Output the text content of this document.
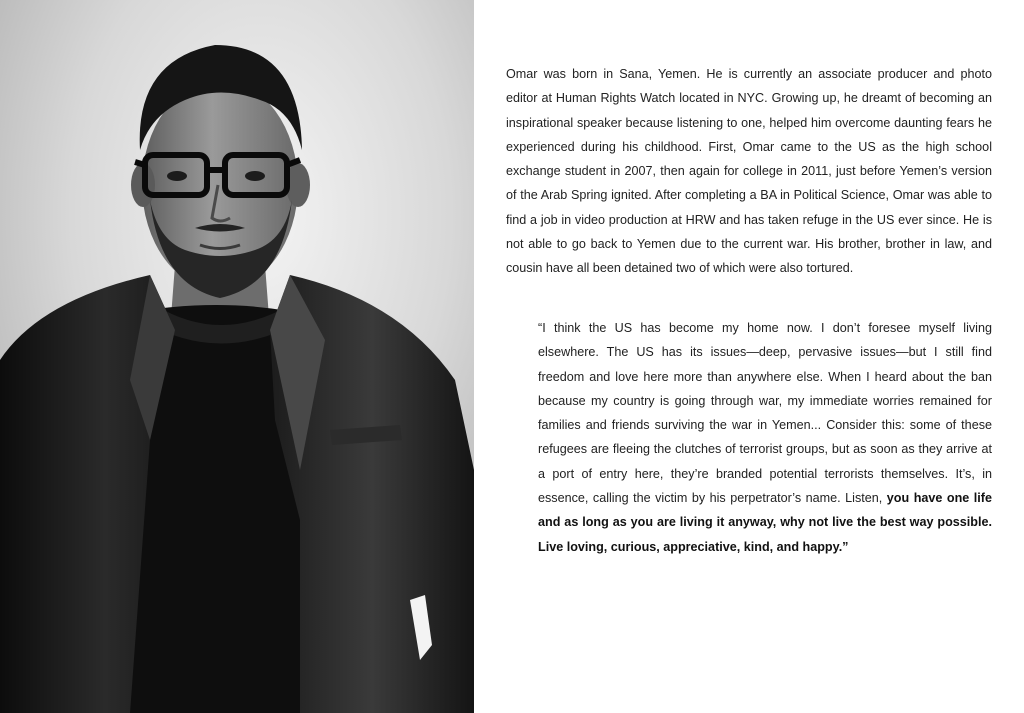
Omar was born in Sana, Yemen. He is currently an associate producer and photo editor at Human Rights Watch located in NYC. Growing up, he dreamt of becoming an inspirational speaker because listening to one, helped him overcome daunting fears he experienced during his childhood. First, Omar came to the US as the high school exchange student in 2007, then again for college in 2011, just before Yemen’s version of the Arab Spring ignited. After completing a BA in Political Science, Omar was able to find a job in video production at HRW and has taken refuge in the US ever since. He is not able to go back to Yemen due to the current war. His brother, brother in law, and cousin have all been detained two of which were also tortured.

“I think the US has become my home now. I don’t foresee myself living elsewhere. The US has its issues—deep, pervasive issues—but I still find freedom and love here more than anywhere else. When I heard about the ban because my country is going through war, my immediate worries remained for families and friends surviving the war in Yemen... Consider this: some of these refugees are fleeing the clutches of terrorist groups, but as soon as they arrive at a port of entry here, they’re branded potential terrorists themselves. It’s, in essence, calling the victim by his perpetrator’s name. Listen, you have one life and as long as you are living it anyway, why not live the best way possible. Live loving, curious, appreciative, kind, and happy.”
